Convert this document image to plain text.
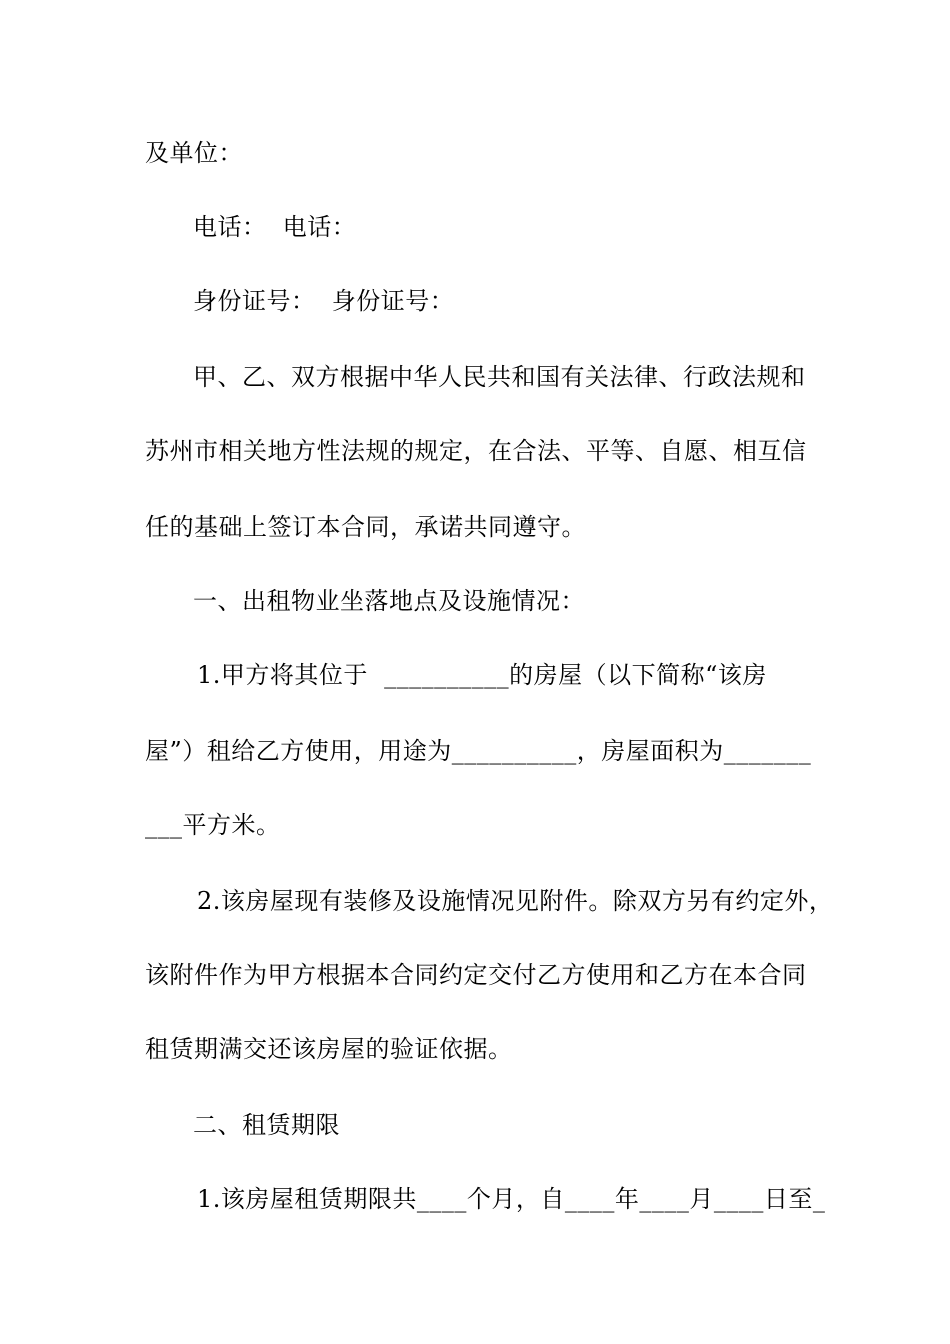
及单位：
电话：  电话：
身份证号：  身份证号：
甲、乙、双方根据中华人民共和国有关法律、行政法规和
苏州市相关地方性法规的规定，在合法、平等、自愿、相互信
任的基础上签订本合同，承诺共同遵守。
一、出租物业坐落地点及设施情况：
1.甲方将其位于  __________的房屋（以下简称“该房
屋”）租给乙方使用，用途为__________，房屋面积为_______
___平方米。
2.该房屋现有装修及设施情况见附件。除双方另有约定外，
该附件作为甲方根据本合同约定交付乙方使用和乙方在本合同
租赁期满交还该房屋的验证依据。
二、租赁期限
1.该房屋租赁期限共____个月，自____年____月____日至_
